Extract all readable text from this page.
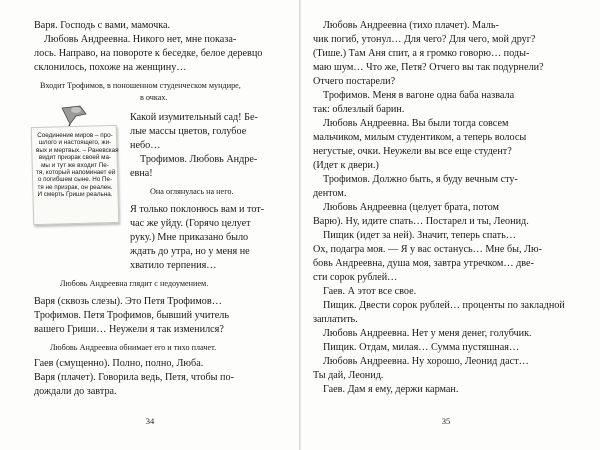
Варя. Господь с вами, мамочка.
Любовь Андреевна. Никого нет, мне показа-
лось. Направо, на повороте к беседке, белое деревцо
склонилось, похоже на женщину…
Входит Трофимов, в поношенном студенческом мундире,
в очках.
Соединение миров – про-
шлого и настоящего, жи-
вых и мертвых. – Раневская
видит призрак своей ма-
мы и тут же входит Пе-
тя, который напоминает ей
о погибшем сыне. Но Пе-
тя не призрак, он реален.
И смерть Гриши реальна.
Какой изумительный сад! Бе-
лые массы цветов, голубое
небо…
Трофимов. Любовь Андре-
евна!
Она оглянулась на него.
Я только поклонюсь вам и тот-
час же уйду. (Горячо целует
руку.) Мне приказано было
ждать до утра, но у меня не
хватило терпения…
Любовь Андреевна глядит с недоумением.
Варя (сквозь слезы). Это Петя Трофимов…
Трофимов. Петя Трофимов, бывший учитель
вашего Гриши… Неужели я так изменился?
Любовь Андреевна обнимает его и тихо плачет.
Гаев (смущенно). Полно, полно, Люба.
Варя (плачет). Говорила ведь, Петя, чтобы по-
дождали до завтра.
34
Любовь Андреевна (тихо плачет). Маль-
чик погиб, утонул… Для чего? Для чего, мой друг?
(Тише.) Там Аня спит, а я громко говорю… поды-
маю шум… Что же, Петя? Отчего вы так подурнели?
Отчего постарели?
Трофимов. Меня в вагоне одна баба назвала
так: облезлый барин.
Любовь Андреевна. Вы были тогда совсем
мальчиком, милым студентиком, а теперь волосы
негустые, очки. Неужели вы все еще студент?
(Идет к двери.)
Трофимов. Должно быть, я буду вечным сту-
дентом.
Любовь Андреевна (целует брата, потом
Варю). Ну, идите спать… Постарел и ты, Леонид.
Пищик (идет за ней). Значит, теперь спать…
Ох, подагра моя. — Я у вас останусь… Мне бы, Лю-
бовь Андреевна, душа моя, завтра утречком… две-
сти сорок рублей…
Гаев. А этот все свое.
Пищик. Двести сорок рублей… проценты по закладной
заплатить.
Любовь Андреевна. Нет у меня денег, голубчик.
Пищик. Отдам, милая… Сумма пустяшная…
Любовь Андреевна. Ну хорошо, Леонид даст…
Ты дай, Леонид.
Гаев. Дам я ему, держи карман.
35
